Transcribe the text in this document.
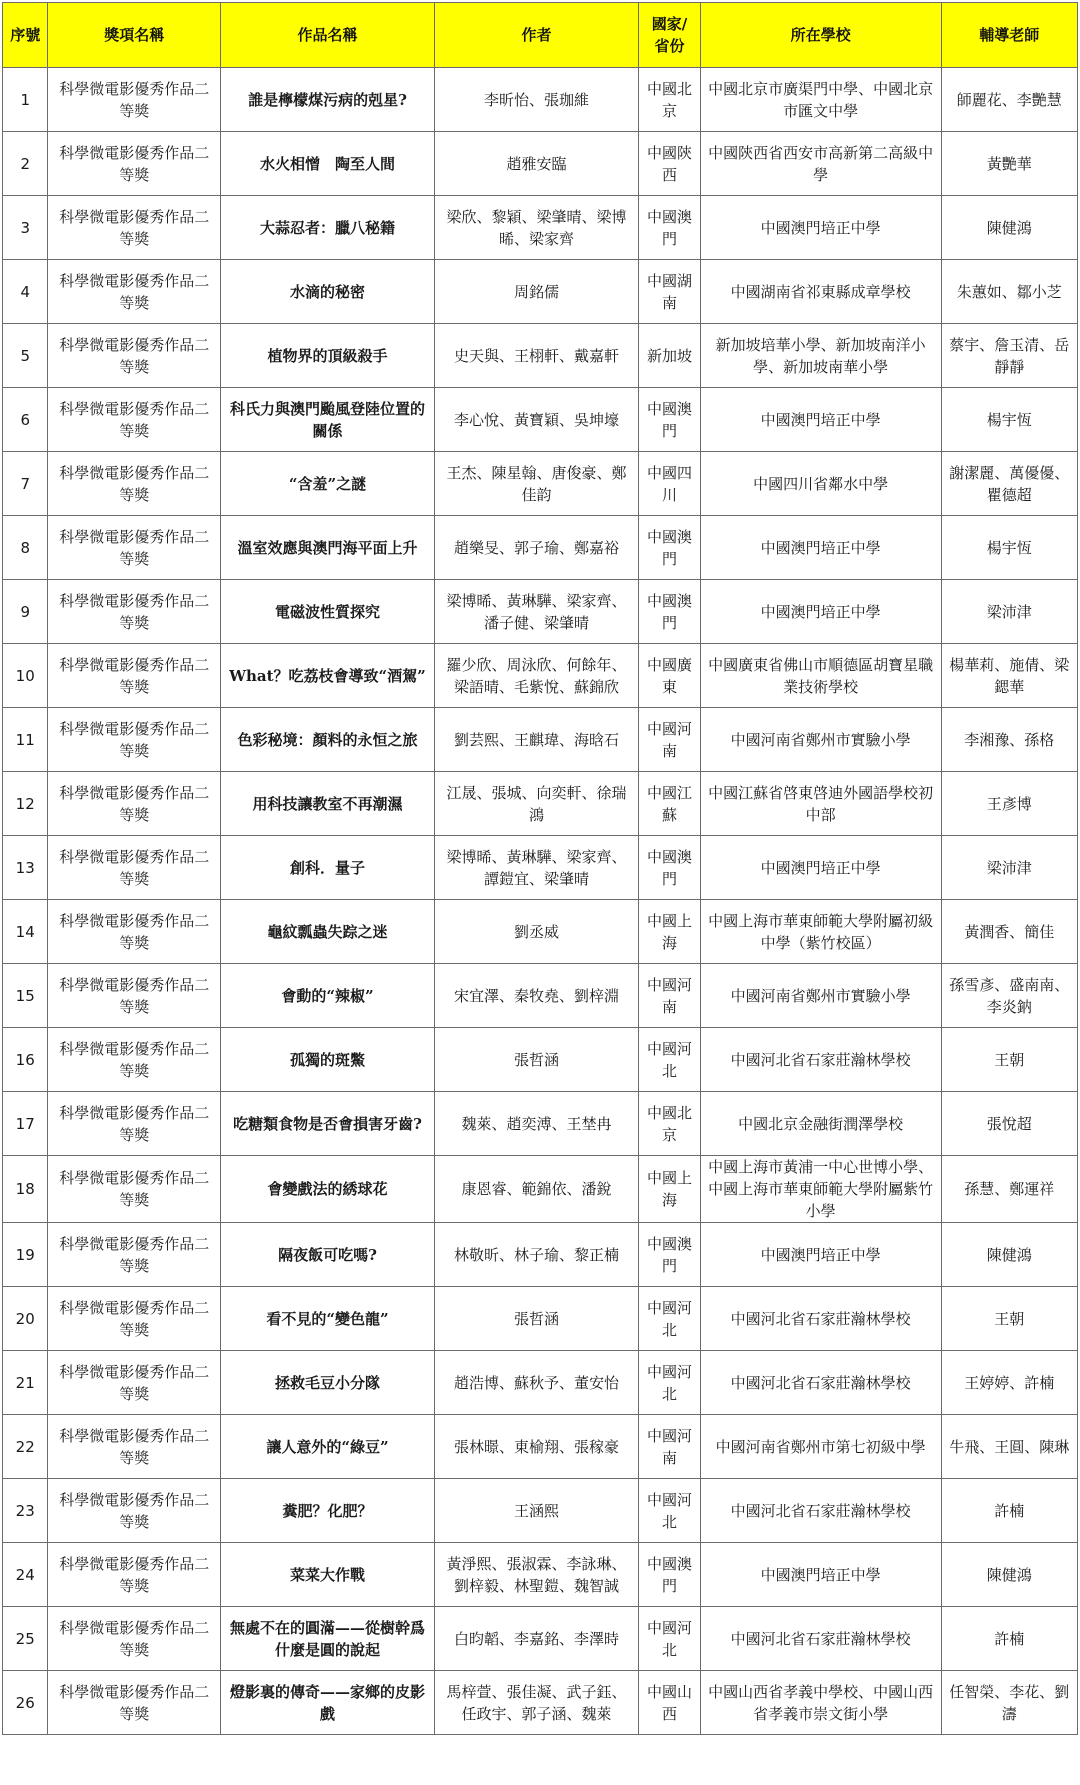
序號	獎項名稱	作品名稱	作者	國家/省份	所在學校	輔導老師
1	科學微電影優秀作品二等獎	誰是檸檬煤污病的剋星?	李昕怡、張珈維	中國北京	中國北京市廣渠門中學、中國北京市匯文中學	師麗花、李艷慧
2	科學微電影優秀作品二等獎	水火相憎　陶至人間	趙雅安臨	中國陝西	中國陝西省西安市高新第二高級中學	黃艷華
3	科學微電影優秀作品二等獎	大蒜忍者：臘八秘籍	梁欣、黎穎、梁肇晴、梁博晞、梁家齊	中國澳門	中國澳門培正中學	陳健鴻
4	科學微電影優秀作品二等獎	水滴的秘密	周銘儒	中國湖南	中國湖南省祁東縣成章學校	朱蕙如、鄒小芝
5	科學微電影優秀作品二等獎	植物界的頂級殺手	史天與、王栩軒、戴嘉軒	新加坡	新加坡培華小學、新加坡南洋小學、新加坡南華小學	蔡宇、詹玉清、岳靜靜
6	科學微電影優秀作品二等獎	科氏力與澳門颱風登陸位置的關係	李心悅、黃寶穎、吳坤壕	中國澳門	中國澳門培正中學	楊宇恆
7	科學微電影優秀作品二等獎	“含羞”之謎	王杰、陳星翰、唐俊豪、鄭佳韵	中國四川	中國四川省鄰水中學	謝潔麗、萬優優、瞿德超
8	科學微電影優秀作品二等獎	溫室效應與澳門海平面上升	趙樂旻、郭子瑜、鄭嘉裕	中國澳門	中國澳門培正中學	楊宇恆
9	科學微電影優秀作品二等獎	電磁波性質探究	梁博晞、黃琳驊、梁家齊、潘子健、梁肇晴	中國澳門	中國澳門培正中學	梁沛津
10	科學微電影優秀作品二等獎	What？吃荔枝會導致“酒駕”	羅少欣、周泳欣、何餘年、梁語晴、毛紫悅、蘇錦欣	中國廣東	中國廣東省佛山市順德區胡寶星職業技術學校	楊華莉、施倩、梁鍶華
11	科學微電影優秀作品二等獎	色彩秘境：顏料的永恒之旅	劉芸熙、王麒瑋、海晗石	中國河南	中國河南省鄭州市實驗小學	李湘豫、孫格
12	科學微電影優秀作品二等獎	用科技讓教室不再潮濕	江晟、張城、向奕軒、徐瑞鴻	中國江蘇	中國江蘇省啓東啓迪外國語學校初中部	王彥博
13	科學微電影優秀作品二等獎	創科．量子	梁博晞、黃琳驊、梁家齊、譚鎧宜、梁肇晴	中國澳門	中國澳門培正中學	梁沛津
14	科學微電影優秀作品二等獎	龜紋瓢蟲失踪之迷	劉丞威	中國上海	中國上海市華東師範大學附屬初級中學（紫竹校區）	黃潤香、簡佳
15	科學微電影優秀作品二等獎	會動的“辣椒”	宋宜澤、秦牧堯、劉梓淵	中國河南	中國河南省鄭州市實驗小學	孫雪彥、盛南南、李炎鈉
16	科學微電影優秀作品二等獎	孤獨的斑鱉	張哲涵	中國河北	中國河北省石家莊瀚林學校	王朝
17	科學微電影優秀作品二等獎	吃糖類食物是否會損害牙齒?	魏萊、趙奕溥、王埜冉	中國北京	中國北京金融街潤澤學校	張悅超
18	科學微電影優秀作品二等獎	會變戲法的綉球花	康恩睿、範錦依、潘銳	中國上海	中國上海市黃浦一中心世博小學、中國上海市華東師範大學附屬紫竹小學	孫慧、鄭運祥
19	科學微電影優秀作品二等獎	隔夜飯可吃嗎?	林敬昕、林子瑜、黎正楠	中國澳門	中國澳門培正中學	陳健鴻
20	科學微電影優秀作品二等獎	看不見的“變色龍”	張哲涵	中國河北	中國河北省石家莊瀚林學校	王朝
21	科學微電影優秀作品二等獎	拯救毛豆小分隊	趙浩博、蘇秋予、董安怡	中國河北	中國河北省石家莊瀚林學校	王婷婷、許楠
22	科學微電影優秀作品二等獎	讓人意外的“綠豆”	張林暻、東榆翔、張稼豪	中國河南	中國河南省鄭州市第七初級中學	牛飛、王圓、陳琳
23	科學微電影優秀作品二等獎	糞肥？化肥？	王涵熙	中國河北	中國河北省石家莊瀚林學校	許楠
24	科學微電影優秀作品二等獎	菜菜大作戰	黃淨熙、張淑霖、李詠琳、劉梓毅、林聖鎧、魏智誠	中國澳門	中國澳門培正中學	陳健鴻
25	科學微電影優秀作品二等獎	無處不在的圓滿——從樹幹爲什麼是圓的說起	白昀韜、李嘉銘、李澤時	中國河北	中國河北省石家莊瀚林學校	許楠
26	科學微電影優秀作品二等獎	燈影裏的傳奇——家鄉的皮影戲	馬梓萱、張佳凝、武子鈺、任政宇、郭子涵、魏萊	中國山西	中國山西省孝義中學校、中國山西省孝義市崇文街小學	任智榮、李花、劉濤
